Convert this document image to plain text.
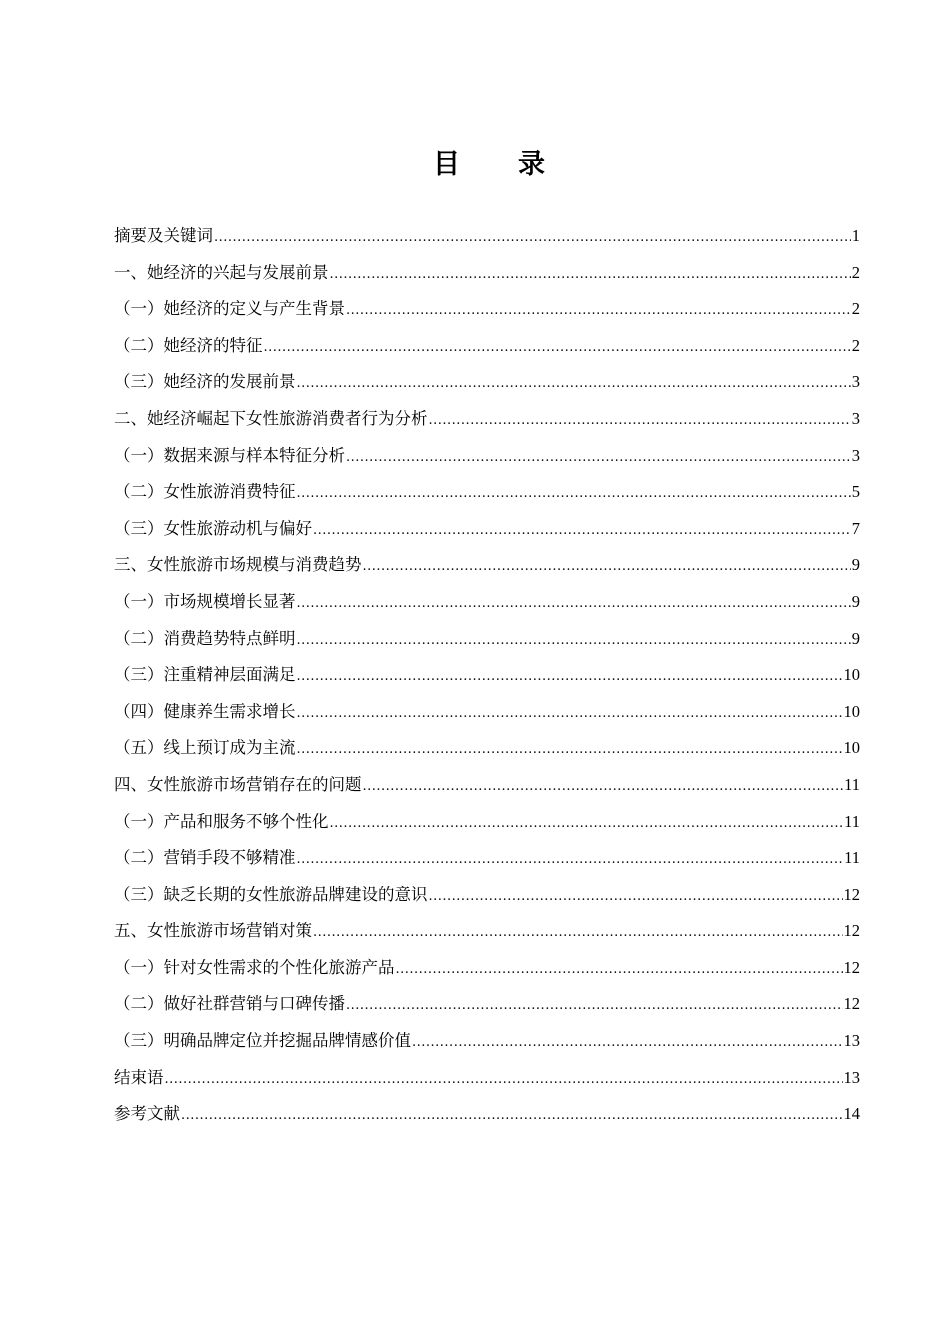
目 录
摘要及关键词 .....	1
一、她经济的兴起与发展前景 .....	2
（一）她经济的定义与产生背景 .....	2
（二）她经济的特征 .....	2
（三）她经济的发展前景 .....	3
二、她经济崛起下女性旅游消费者行为分析 .....	3
（一）数据来源与样本特征分析 .....	3
（二）女性旅游消费特征 .....	5
（三）女性旅游动机与偏好 .....	7
三、女性旅游市场规模与消费趋势 .....	9
（一）市场规模增长显著 .....	9
（二）消费趋势特点鲜明 .....	9
（三）注重精神层面满足 .....	10
（四）健康养生需求增长 .....	10
（五）线上预订成为主流 .....	10
四、女性旅游市场营销存在的问题 .....	11
（一）产品和服务不够个性化 .....	11
（二）营销手段不够精准 .....	11
（三）缺乏长期的女性旅游品牌建设的意识 .....	12
五、女性旅游市场营销对策 .....	12
（一）针对女性需求的个性化旅游产品 .....	12
（二）做好社群营销与口碑传播 .....	12
（三）明确品牌定位并挖掘品牌情感价值 .....	13
结束语 .....	13
参考文献 .....	14
